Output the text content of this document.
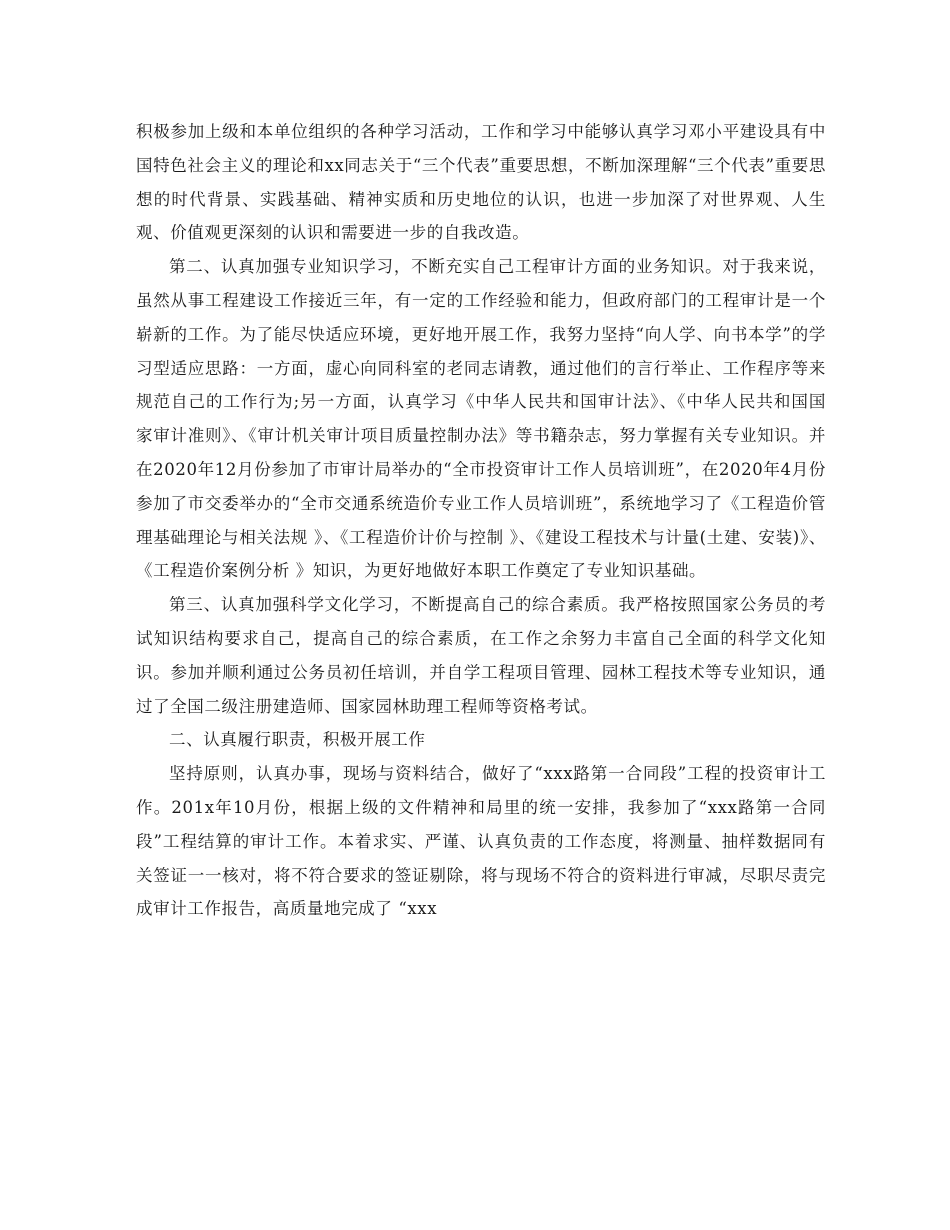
积极参加上级和本单位组织的各种学习活动，工作和学习中能够认真学习邓小平建设具有中国特色社会主义的理论和xx同志关于“三个代表”重要思想，不断加深理解“三个代表”重要思想的时代背景、实践基础、精神实质和历史地位的认识，也进一步加深了对世界观、人生观、价值观更深刻的认识和需要进一步的自我改造。

第二、认真加强专业知识学习，不断充实自己工程审计方面的业务知识。对于我来说，虽然从事工程建设工作接近三年，有一定的工作经验和能力，但政府部门的工程审计是一个崭新的工作。为了能尽快适应环境，更好地开展工作，我努力坚持“向人学、向书本学”的学习型适应思路：一方面，虚心向同科室的老同志请教，通过他们的言行举止、工作程序等来规范自己的工作行为;另一方面，认真学习《中华人民共和国审计法》、《中华人民共和国国家审计准则》、《审计机关审计项目质量控制办法》等书籍杂志，努力掌握有关专业知识。并在2020年12月份参加了市审计局举办的“全市投资审计工作人员培训班”，在2020年4月份参加了市交委举办的“全市交通系统造价专业工作人员培训班”，系统地学习了《工程造价管理基础理论与相关法规 》、《工程造价计价与控制 》、《建设工程技术与计量(土建、安装)》、《工程造价案例分析 》知识，为更好地做好本职工作奠定了专业知识基础。

第三、认真加强科学文化学习，不断提高自己的综合素质。我严格按照国家公务员的考试知识结构要求自己，提高自己的综合素质，在工作之余努力丰富自己全面的科学文化知识。参加并顺利通过公务员初任培训，并自学工程项目管理、园林工程技术等专业知识，通过了全国二级注册建造师、国家园林助理工程师等资格考试。

二、认真履行职责，积极开展工作

坚持原则，认真办事，现场与资料结合，做好了“xxx路第一合同段”工程的投资审计工作。201x年10月份，根据上级的文件精神和局里的统一安排，我参加了“xxx路第一合同段”工程结算的审计工作。本着求实、严谨、认真负责的工作态度，将测量、抽样数据同有关签证一一核对，将不符合要求的签证剔除，将与现场不符合的资料进行审减，尽职尽责完成审计工作报告，高质量地完成了 “xxx
